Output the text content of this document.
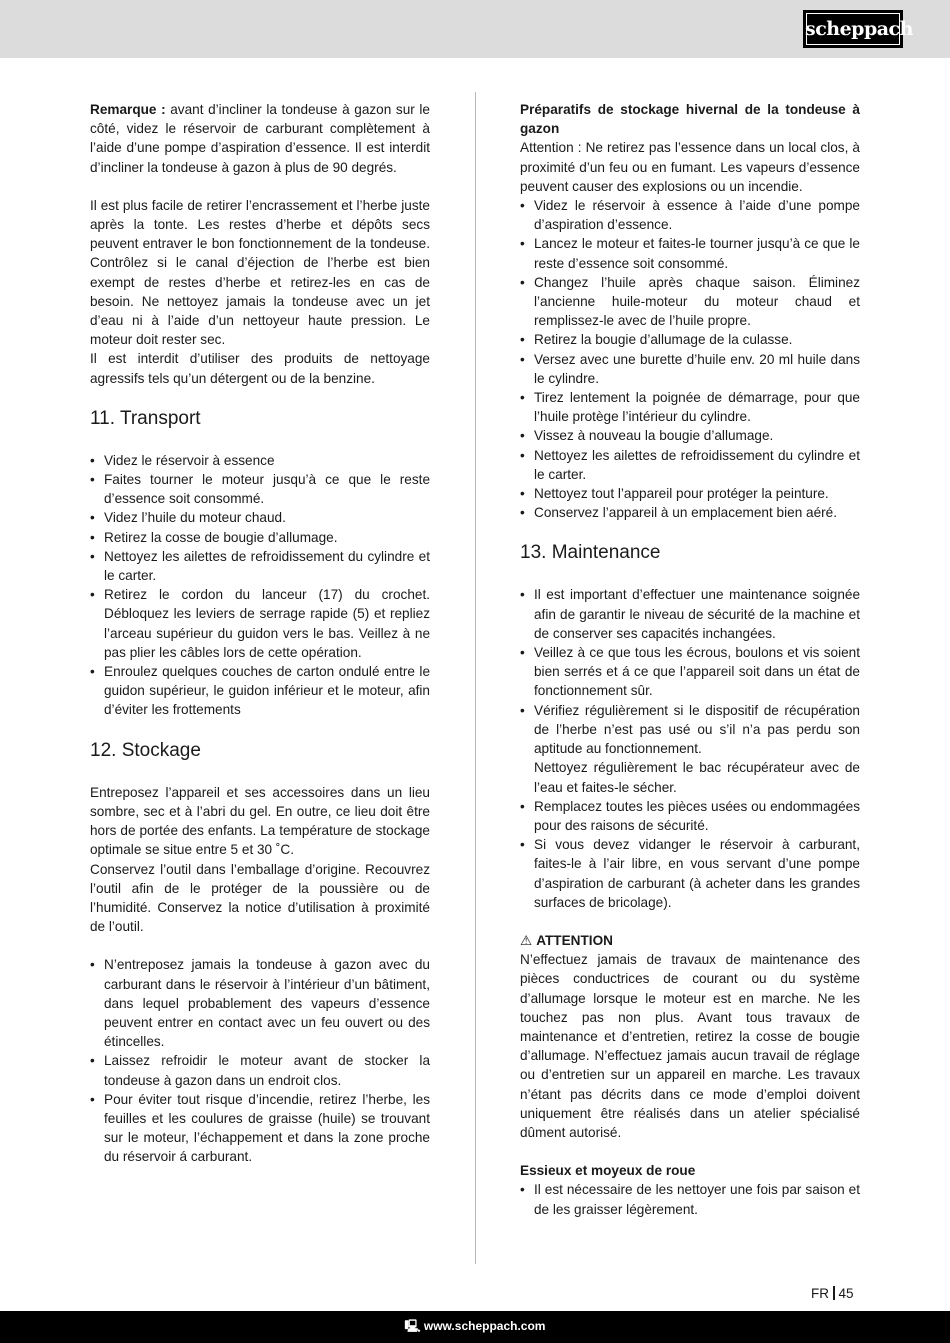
scheppach

Remarque : avant d’incliner la tondeuse à gazon sur le côté, videz le réservoir de carburant complètement à l’aide d’une pompe d’aspiration d’essence. Il est interdit d’incliner la tondeuse à gazon à plus de 90 degrés.

Il est plus facile de retirer l’encrassement et l’herbe juste après la tonte. Les restes d’herbe et dépôts secs peuvent entraver le bon fonctionnement de la tondeuse. Contrôlez si le canal d’éjection de l’herbe est bien exempt de restes d’herbe et retirez-les en cas de besoin. Ne nettoyez jamais la tondeuse avec un jet d’eau ni à l’aide d’un nettoyeur haute pression. Le moteur doit rester sec.

Il est interdit d’utiliser des produits de nettoyage agressifs tels qu’un détergent ou de la benzine.

11. Transport
• Videz le réservoir à essence
• Faites tourner le moteur jusqu’à ce que le reste d’essence soit consommé.
• Videz l’huile du moteur chaud.
• Retirez la cosse de bougie d’allumage.
• Nettoyez les ailettes de refroidissement du cylindre et le carter.
• Retirez le cordon du lanceur (17) du crochet. Débloquez les leviers de serrage rapide (5) et repliez l’arceau supérieur du guidon vers le bas. Veillez à ne pas plier les câbles lors de cette opération.
• Enroulez quelques couches de carton ondulé entre le guidon supérieur, le guidon inférieur et le moteur, afin d’éviter les frottements
12. Stockage

Entreposez l’appareil et ses accessoires dans un lieu sombre, sec et à l’abri du gel. En outre, ce lieu doit être hors de portée des enfants. La température de stockage optimale se situe entre 5 et 30 ˚C.

Conservez l’outil dans l’emballage d’origine. Recouvrez l’outil afin de le protéger de la poussière ou de l’humidité. Conservez la notice d’utilisation à proximité de l’outil.

• N’entreposez jamais la tondeuse à gazon avec du carburant dans le réservoir à l’intérieur d’un bâtiment, dans lequel probablement des vapeurs d’essence peuvent entrer en contact avec un feu ouvert ou des étincelles.
• Laissez refroidir le moteur avant de stocker la tondeuse à gazon dans un endroit clos.
• Pour éviter tout risque d’incendie, retirez l’herbe, les feuilles et les coulures de graisse (huile) se trouvant sur le moteur, l’échappement et dans la zone proche du réservoir á carburant.

Préparatifs de stockage hivernal de la tondeuse à gazon

Attention : Ne retirez pas l’essence dans un local clos, à proximité d’un feu ou en fumant. Les vapeurs d’essence peuvent causer des explosions ou un incendie.

• Videz le réservoir à essence à l’aide d’une pompe d’aspiration d’essence.
• Lancez le moteur et faites-le tourner jusqu’à ce que le reste d’essence soit consommé.
• Changez l’huile après chaque saison. Éliminez l’ancienne huile-moteur du moteur chaud et remplissez-le avec de l’huile propre.
• Retirez la bougie d’allumage de la culasse.
• Versez avec une burette d’huile env. 20 ml huile dans le cylindre.
• Tirez lentement la poignée de démarrage, pour que l’huile protège l’intérieur du cylindre.
• Vissez à nouveau la bougie d’allumage.
• Nettoyez les ailettes de refroidissement du cylindre et le carter.
• Nettoyez tout l’appareil pour protéger la peinture.
• Conservez l’appareil à un emplacement bien aéré.
13. Maintenance
• Il est important d’effectuer une maintenance soignée afin de garantir le niveau de sécurité de la machine et de conserver ses capacités inchangées.
• Veillez à ce que tous les écrous, boulons et vis soient bien serrés et á ce que l’appareil soit dans un état de fonctionnement sûr.
• Vérifiez régulièrement si le dispositif de récupération de l’herbe n’est pas usé ou s’il n’a pas perdu son aptitude au fonctionnement.
Nettoyez régulièrement le bac récupérateur avec de l’eau et faites-le sécher.
• Remplacez toutes les pièces usées ou endommagées pour des raisons de sécurité.
• Si vous devez vidanger le réservoir à carburant, faites-le à l’air libre, en vous servant d’une pompe d’aspiration de carburant (à acheter dans les grandes surfaces de bricolage).

⚠ ATTENTION

N’effectuez jamais de travaux de maintenance des pièces conductrices de courant ou du système d’allumage lorsque le moteur est en marche. Ne les touchez pas non plus. Avant tous travaux de maintenance et d’entretien, retirez la cosse de bougie d’allumage. N’effectuez jamais aucun travail de réglage ou d’entretien sur un appareil en marche. Les travaux n’étant pas décrits dans ce mode d’emploi doivent uniquement être réalisés dans un atelier spécialisé dûment autorisé.

Essieux et moyeux de roue

• Il est nécessaire de les nettoyer une fois par saison et de les graisser légèrement.
FR 45
🖳 www.scheppach.com
